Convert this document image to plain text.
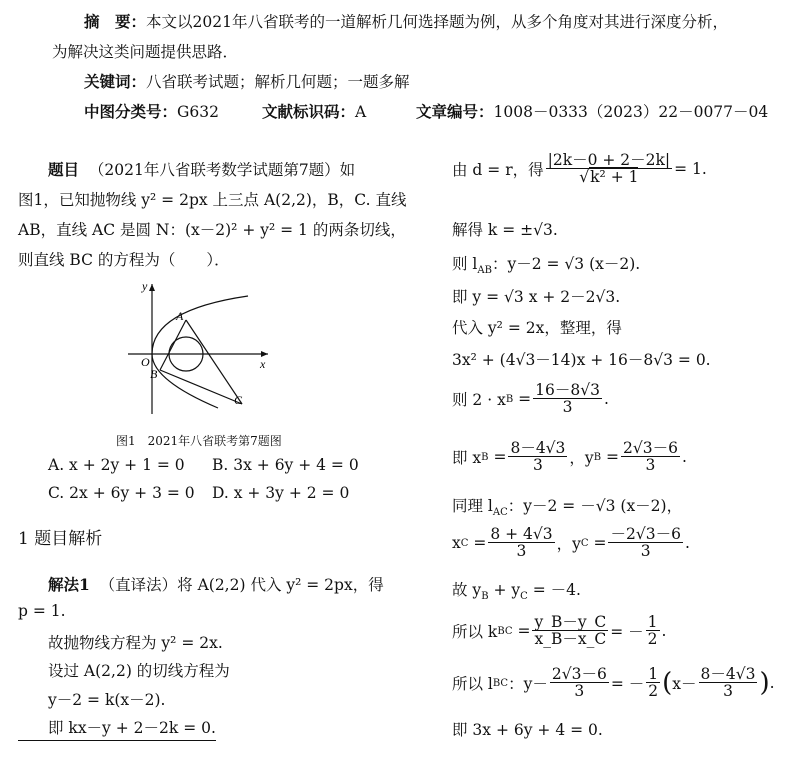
摘　要：本文以2021年八省联考的一道解析几何选择题为例，从多个角度对其进行深度分析，
为解决这类问题提供思路．
关键词：八省联考试题；解析几何题；一题多解
中图分类号：G632	文献标识码：A	文章编号：1008－0333（2023）22－0077－04
题目 （2021年八省联考数学试题第7题）如
图1，已知抛物线 y² = 2px 上三点 A(2,2)，B，C. 直线
AB，直线 AC 是圆 N：(x－2)² + y² = 1 的两条切线，
则直线 BC 的方程为（　　）．
y
x
O
A
B
C
图1　2021年八省联考第7题图
A. x + 2y + 1 = 0 B. 3x + 6y + 4 = 0
C. 2x + 6y + 3 = 0 D. x + 3y + 2 = 0
1 题目解析
解法1 （直译法）将 A(2,2) 代入 y² = 2px，得
p = 1.
故抛物线方程为 y² = 2x.
设过 A(2,2) 的切线方程为
y－2 = k(x－2).
即 kx－y + 2－2k = 0.
由 d = r，得 $\frac{|2k-0 + 2-2k|}{\text{√k² + 1}} = 1$.
解得 k = ±√3.
则 $l_{AB}$：y－2 = √3 (x－2).
即 y = √3 x + 2－2√3.
代入 y² = 2x，整理，得
3x² + (4√3－14)x + 16－8√3 = 0.
则 2 · x B
= $\frac{16-8√3}{3}$ .
即 x $B = \frac{8-4√3}{3}$ ，y $B = \frac{2√3-6}{3}$ .
同理 $l_{AC}$：y－2 = －√3 (x－2)，
x $C = \frac{8 + 4√3}{3}$ ，y $C = \frac{-2√3-6}{3}$ .
故 $y_B + y_C = -4$.
所以 k BC = $\frac{y\_B-y\_C}{x\_B-x\_C}$ = － $\frac{1}{2}$ .
所以 l BC ：$y- \frac{2√3-6}{3}$ = － $\frac{1}{2}$ ( $x- \frac{8-4√3}{3}$ ) .
即 3x + 6y + 4 = 0.
